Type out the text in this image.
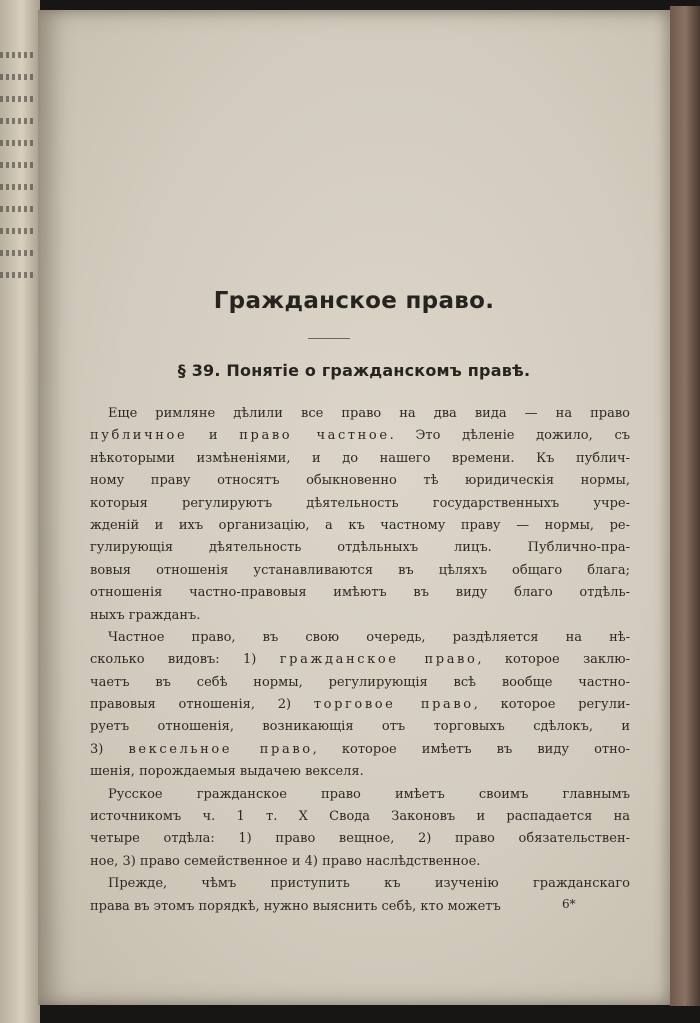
Гражданское право.
§ 39. Понятіе о гражданскомъ правѣ.
Еще римляне дѣлили все право на два вида — на право
публичное и право частное. Это дѣленіе дожило, съ
нѣкоторыми измѣненіями, и до нашего времени. Къ публич-
ному праву относятъ обыкновенно тѣ юридическія нормы,
которыя регулируютъ дѣятельность государственныхъ учре-
жденій и ихъ организацію, а къ частному праву — нормы, ре-
гулирующія дѣятельность отдѣльныхъ лицъ. Публично-пра-
вовыя отношенія устанавливаются въ цѣляхъ общаго блага;
отношенія частно-правовыя имѣютъ въ виду благо отдѣль-
ныхъ гражданъ.
Частное право, въ свою очередь, раздѣляется на нѣ-
сколько видовъ: 1) гражданское право, которое заклю-
чаетъ въ себѣ нормы, регулирующія всѣ вообще частно-
правовыя отношенія, 2) торговое право, которое регули-
руетъ отношенія, возникающія отъ торговыхъ сдѣлокъ, и
3) вексельное право, которое имѣетъ въ виду отно-
шенія, порождаемыя выдачею векселя.
Русское гражданское право имѣетъ своимъ главнымъ
источникомъ ч. 1 т. X Свода Законовъ и распадается на
четыре отдѣла: 1) право вещное, 2) право обязательствен-
ное, 3) право семейственное и 4) право наслѣдственное.
Прежде, чѣмъ приступить къ изученію гражданскаго
права въ этомъ порядкѣ, нужно выяснить себѣ, кто можетъ	6*
